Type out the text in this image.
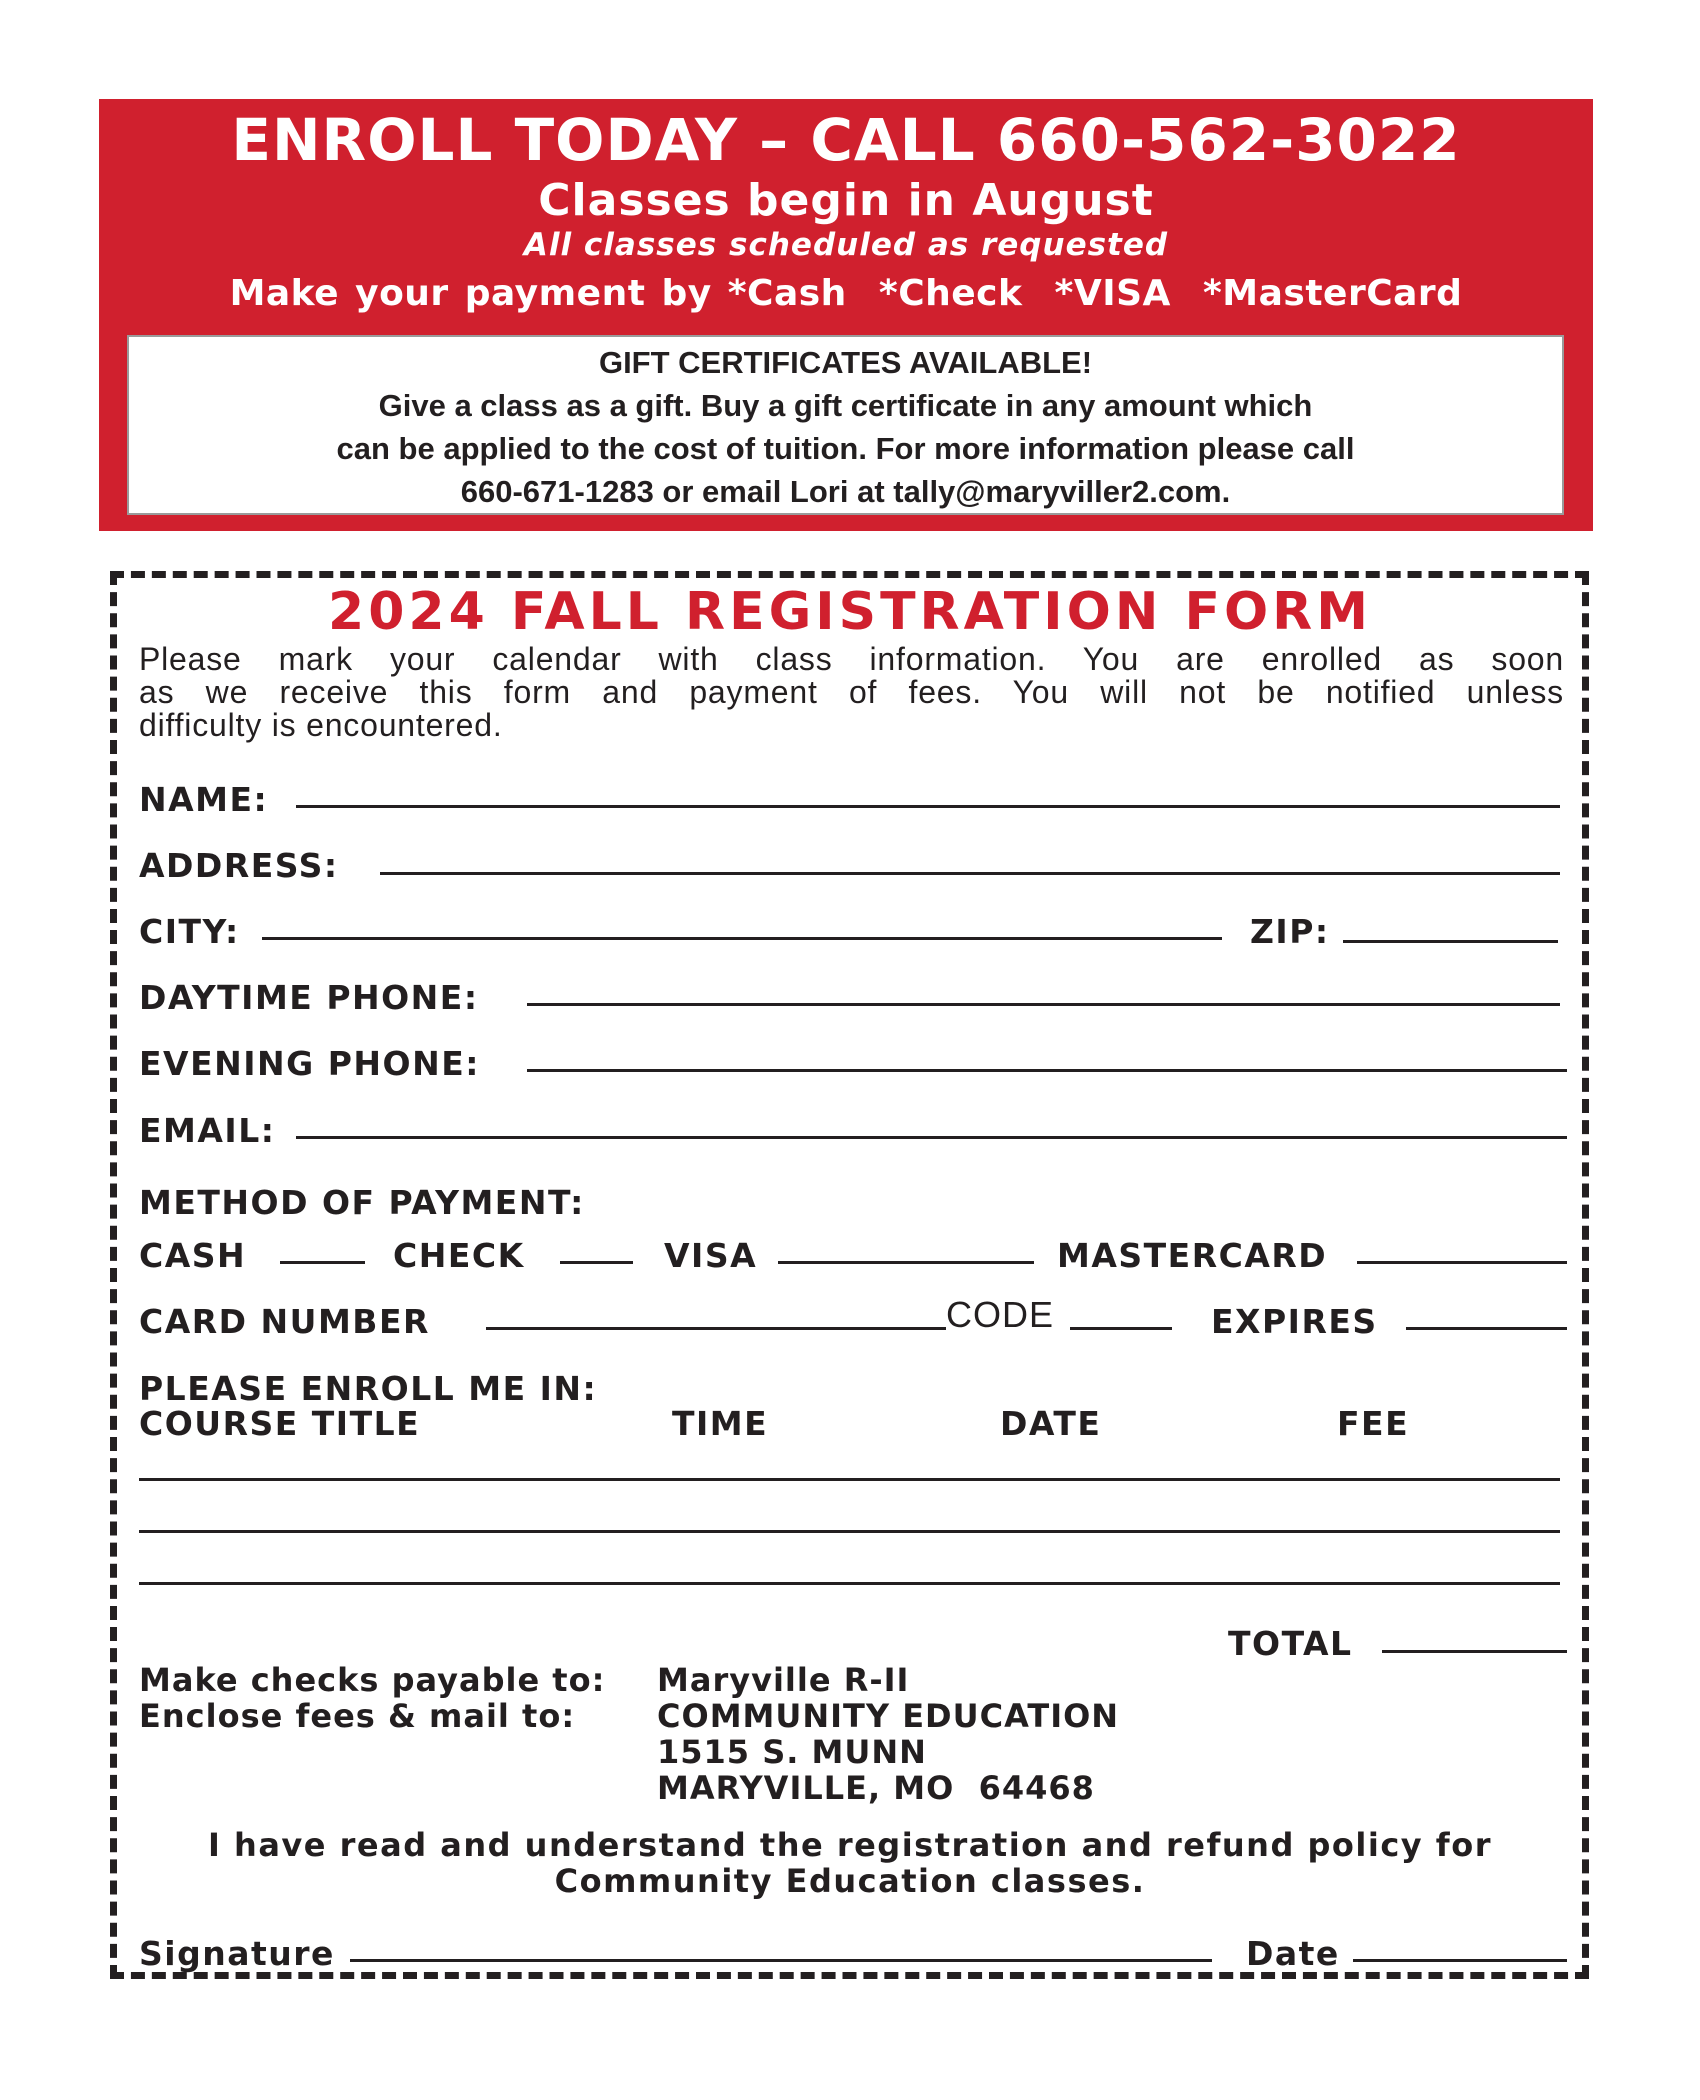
ENROLL TODAY – CALL 660-562-3022
Classes begin in August
All classes scheduled as requested
Make your payment by *Cash  *Check  *VISA  *MasterCard
GIFT CERTIFICATES AVAILABLE!
Give a class as a gift. Buy a gift certificate in any amount which
can be applied to the cost of tuition. For more information please call
660-671-1283 or email Lori at tally@maryviller2.com.
2024 FALL REGISTRATION FORM
Please mark your calendar with class information. You are enrolled as soon
as we receive this form and payment of fees. You will not be notified unless
difficulty is encountered.
NAME:
ADDRESS:
CITY:	ZIP:
DAYTIME PHONE:
EVENING PHONE:
EMAIL:
METHOD OF PAYMENT:
CASH	CHECK	VISA	MASTERCARD
CARD NUMBER	CODE	EXPIRES
PLEASE ENROLL ME IN:
COURSE TITLE	TIME	DATE	FEE
TOTAL
Make checks payable to: Maryville R-II
Enclose fees & mail to:	COMMUNITY EDUCATION
1515 S. MUNN
MARYVILLE, MO  64468
I have read and understand the registration and refund policy for
Community Education classes.
Signature	Date
